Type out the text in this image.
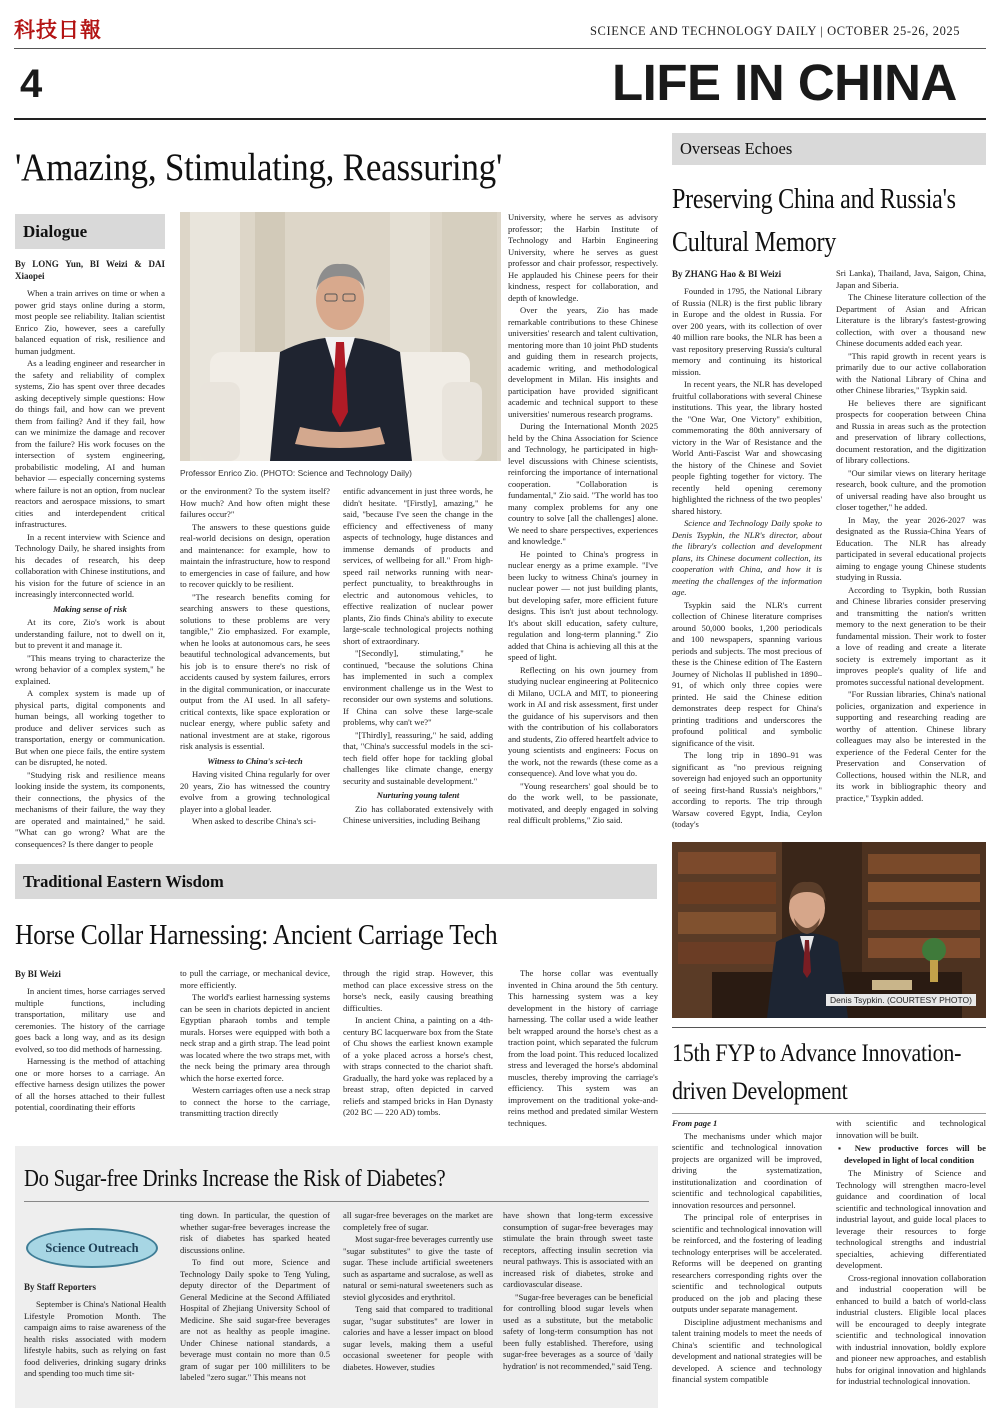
科技日報	SCIENCE AND TECHNOLOGY DAILY | OCTOBER 25-26, 2025
4	LIFE IN CHINA
'Amazing, Stimulating, Reassuring'
Dialogue
Professor Enrico Zio. (PHOTO: Science and Technology Daily)
By LONG Yun, BI Weizi & DAI Xiaopei

When a train arrives on time or when a power grid stays online during a storm, most people see reliability. Italian scientist Enrico Zio, however, sees a carefully balanced equation of risk, resilience and human judgment.

As a leading engineer and researcher in the safety and reliability of complex systems, Zio has spent over three decades asking deceptively simple questions: How do things fail, and how can we prevent them from failing? And if they fail, how can we minimize the damage and recover from the failure? His work focuses on the intersection of system engineering, probabilistic modeling, AI and human behavior — especially concerning systems where failure is not an option, from nuclear reactors and aerospace missions, to smart cities and interdependent critical infrastructures.

In a recent interview with Science and Technology Daily, he shared insights from his decades of research, his deep collaboration with Chinese institutions, and his vision for the future of science in an increasingly interconnected world.

Making sense of risk

At its core, Zio's work is about understanding failure, not to dwell on it, but to prevent it and manage it.

"This means trying to characterize the wrong behavior of a complex system," he explained.

A complex system is made up of physical parts, digital components and human beings, all working together to produce and deliver services such as transportation, energy or communication. But when one piece fails, the entire system can be disrupted, he noted.

"Studying risk and resilience means looking inside the system, its components, their connections, the physics of the mechanisms of their failure, the way they are operated and maintained," he said. "What can go wrong? What are the consequences? Is there danger to people

or the environment? To the system itself? How much? And how often might these failures occur?"

The answers to these questions guide real-world decisions on design, operation and maintenance: for example, how to maintain the infrastructure, how to respond to emergencies in case of failure, and how to recover quickly to be resilient.

"The research benefits coming for searching answers to these questions, solutions to these problems are very tangible," Zio emphasized. For example, when he looks at autonomous cars, he sees beautiful technological advancements, but his job is to ensure there's no risk of accidents caused by system failures, errors in the digital communication, or inaccurate output from the AI used. In all safety-critical contexts, like space exploration or nuclear energy, where public safety and national investment are at stake, rigorous risk analysis is essential.

Witness to China's sci-tech

Having visited China regularly for over 20 years, Zio has witnessed the country evolve from a growing technological player into a global leader.

When asked to describe China's sci-

entific advancement in just three words, he didn't hesitate. "[Firstly], amazing," he said, "because I've seen the change in the efficiency and effectiveness of many aspects of technology, huge distances and immense demands of products and services, of wellbeing for all." From high-speed rail networks running with near-perfect punctuality, to breakthroughs in electric and autonomous vehicles, to effective realization of nuclear power plants, Zio finds China's ability to execute large-scale technological projects nothing short of extraordinary.

"[Secondly], stimulating," he continued, "because the solutions China has implemented in such a complex environment challenge us in the West to reconsider our own systems and solutions. If China can solve these large-scale problems, why can't we?"

"[Thirdly], reassuring," he said, adding that, "China's successful models in the sci-tech field offer hope for tackling global challenges like climate change, energy security and sustainable development."

Nurturing young talent

Zio has collaborated extensively with Chinese universities, including Beihang

University, where he serves as advisory professor; the Harbin Institute of Technology and Harbin Engineering University, where he serves as guest professor and chair professor, respectively. He applauded his Chinese peers for their kindness, respect for collaboration, and depth of knowledge.

Over the years, Zio has made remarkable contributions to these Chinese universities' research and talent cultivation, mentoring more than 10 joint PhD students and guiding them in research projects, academic writing, and methodological development in Milan. His insights and participation have provided significant academic and technical support to these universities' numerous research programs.

During the International Month 2025 held by the China Association for Science and Technology, he participated in high-level discussions with Chinese scientists, reinforcing the importance of international cooperation. "Collaboration is fundamental," Zio said. "The world has too many complex problems for any one country to solve [all the challenges] alone. We need to share perspectives, experiences and knowledge."

He pointed to China's progress in nuclear energy as a prime example. "I've been lucky to witness China's journey in nuclear power — not just building plants, but developing safer, more efficient future designs. This isn't just about technology. It's about skill education, safety culture, regulation and long-term planning." Zio added that China is achieving all this at the speed of light.

Reflecting on his own journey from studying nuclear engineering at Politecnico di Milano, UCLA and MIT, to pioneering work in AI and risk assessment, first under the guidance of his supervisors and then with the contribution of his collaborators and students, Zio offered heartfelt advice to young scientists and engineers: Focus on the work, not the rewards (these come as a consequence). And love what you do.

"Young researchers' goal should be to do the work well, to be passionate, motivated, and deeply engaged in solving real difficult problems," Zio said.

Overseas Echoes
Preserving China and Russia's Cultural Memory
By ZHANG Hao & BI Weizi

Founded in 1795, the National Library of Russia (NLR) is the first public library in Europe and the oldest in Russia. For over 200 years, with its collection of over 40 million rare books, the NLR has been a vast repository preserving Russia's cultural memory and continuing its historical mission.

In recent years, the NLR has developed fruitful collaborations with several Chinese institutions. This year, the library hosted the "One War, One Victory" exhibition, commemorating the 80th anniversary of victory in the War of Resistance and the World Anti-Fascist War and showcasing the history of the Chinese and Soviet people fighting together for victory. The recently held opening ceremony highlighted the richness of the two peoples' shared history.

Science and Technology Daily spoke to Denis Tsypkin, the NLR's director, about the library's collection and development plans, its Chinese document collection, its cooperation with China, and how it is meeting the challenges of the information age.

Tsypkin said the NLR's current collection of Chinese literature comprises around 50,000 books, 1,200 periodicals and 100 newspapers, spanning various periods and subjects. The most precious of these is the Chinese edition of The Eastern Journey of Nicholas II published in 1890–91, of which only three copies were printed. He said the Chinese edition demonstrates deep respect for China's printing traditions and underscores the profound political and symbolic significance of the visit.

The long trip in 1890–91 was significant as "no previous reigning sovereign had enjoyed such an opportunity of seeing first-hand Russia's neighbors," according to reports. The trip through Warsaw covered Egypt, India, Ceylon (today's

Sri Lanka), Thailand, Java, Saigon, China, Japan and Siberia.

The Chinese literature collection of the Department of Asian and African Literature is the library's fastest-growing collection, with over a thousand new Chinese documents added each year.

"This rapid growth in recent years is primarily due to our active collaboration with the National Library of China and other Chinese libraries," Tsypkin said.

He believes there are significant prospects for cooperation between China and Russia in areas such as the protection and preservation of library collections, document restoration, and the digitization of library collections.

"Our similar views on literary heritage research, book culture, and the promotion of universal reading have also brought us closer together," he added.

In May, the year 2026-2027 was designated as the Russia-China Years of Education. The NLR has already participated in several educational projects aiming to engage young Chinese students studying in Russia.

According to Tsypkin, both Russian and Chinese libraries consider preserving and transmitting the nation's written memory to the next generation to be their fundamental mission. Their work to foster a love of reading and create a literate society is extremely important as it improves people's quality of life and promotes successful national development.

"For Russian libraries, China's national policies, organization and experience in supporting and researching reading are worthy of attention. Chinese library colleagues may also be interested in the experience of the Federal Center for the Preservation and Conservation of Collections, housed within the NLR, and its work in bibliographic theory and practice," Tsypkin added.

Denis Tsypkin. (COURTESY PHOTO)
Traditional Eastern Wisdom
Horse Collar Harnessing: Ancient Carriage Tech
By BI Weizi

In ancient times, horse carriages served multiple functions, including transportation, military use and ceremonies. The history of the carriage goes back a long way, and as its design evolved, so too did methods of harnessing.

Harnessing is the method of attaching one or more horses to a carriage. An effective harness design utilizes the power of all the horses attached to their fullest potential, coordinating their efforts

to pull the carriage, or mechanical device, more efficiently.

The world's earliest harnessing systems can be seen in chariots depicted in ancient Egyptian pharaoh tombs and temple murals. Horses were equipped with both a neck strap and a girth strap. The lead point was located where the two straps met, with the neck being the primary area through which the horse exerted force.

Western carriages often use a neck strap to connect the horse to the carriage, transmitting traction directly

through the rigid strap. However, this method can place excessive stress on the horse's neck, easily causing breathing difficulties.

In ancient China, a painting on a 4th-century BC lacquerware box from the State of Chu shows the earliest known example of a yoke placed across a horse's chest, with straps connected to the chariot shaft. Gradually, the hard yoke was replaced by a breast strap, often depicted in carved reliefs and stamped bricks in Han Dynasty (202 BC — 220 AD) tombs.

The horse collar was eventually invented in China around the 5th century. This harnessing system was a key development in the history of carriage harnessing. The collar used a wide leather belt wrapped around the horse's chest as a traction point, which separated the fulcrum from the load point. This reduced localized stress and leveraged the horse's abdominal muscles, thereby improving the carriage's efficiency. This system was an improvement on the traditional yoke-and-reins method and predated similar Western techniques.

15th FYP to Advance Innovation-driven Development

From page 1

The mechanisms under which major scientific and technological innovation projects are organized will be improved, driving the systematization, institutionalization and coordination of scientific and technological capabilities, innovation resources and personnel.

The principal role of enterprises in scientific and technological innovation will be reinforced, and the fostering of leading technology enterprises will be accelerated. Reforms will be deepened on granting researchers corresponding rights over the scientific and technological outputs produced on the job and placing these outputs under separate management.

Discipline adjustment mechanisms and talent training models to meet the needs of China's scientific and technological development and national strategies will be developed. A science and technology financial system compatible

with scientific and technological innovation will be built.

▪ New productive forces will be developed in light of local condition

The Ministry of Science and Technology will strengthen macro-level guidance and coordination of local scientific and technological innovation and industrial layout, and guide local places to leverage their resources to forge technological strengths and industrial specialties, achieving differentiated development.

Cross-regional innovation collaboration and industrial cooperation will be enhanced to build a batch of world-class industrial clusters. Eligible local places will be encouraged to deeply integrate scientific and technological innovation with industrial innovation, boldly explore and pioneer new approaches, and establish hubs for original innovation and highlands for industrial technological innovation.

Do Sugar-free Drinks Increase the Risk of Diabetes?
Science Outreach
By Staff Reporters

September is China's National Health Lifestyle Promotion Month. The campaign aims to raise awareness of the health risks associated with modern lifestyle habits, such as relying on fast food deliveries, drinking sugary drinks and spending too much time sit-

ting down. In particular, the question of whether sugar-free beverages increase the risk of diabetes has sparked heated discussions online.

To find out more, Science and Technology Daily spoke to Teng Yuling, deputy director of the Department of General Medicine at the Second Affiliated Hospital of Zhejiang University School of Medicine. She said sugar-free beverages are not as healthy as people imagine. Under Chinese national standards, a beverage must contain no more than 0.5 gram of sugar per 100 milliliters to be labeled "zero sugar." This means not

all sugar-free beverages on the market are completely free of sugar.

Most sugar-free beverages currently use "sugar substitutes" to give the taste of sugar. These include artificial sweeteners such as aspartame and sucralose, as well as natural or semi-natural sweeteners such as steviol glycosides and erythritol.

Teng said that compared to traditional sugar, "sugar substitutes" are lower in calories and have a lesser impact on blood sugar levels, making them a useful occasional sweetener for people with diabetes. However, studies

have shown that long-term excessive consumption of sugar-free beverages may stimulate the brain through sweet taste receptors, affecting insulin secretion via neural pathways. This is associated with an increased risk of diabetes, stroke and cardiovascular disease.

"Sugar-free beverages can be beneficial for controlling blood sugar levels when used as a substitute, but the metabolic safety of long-term consumption has not been fully established. Therefore, using sugar-free beverages as a source of 'daily hydration' is not recommended," said Teng.
